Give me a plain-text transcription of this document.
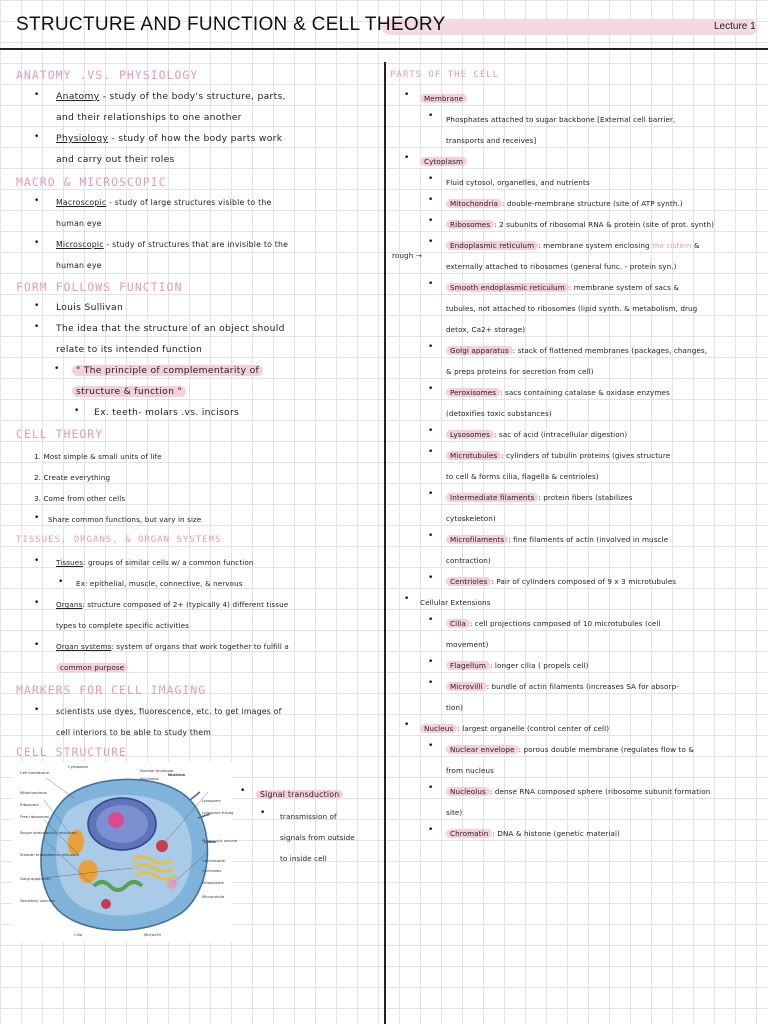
STRUCTURE AND FUNCTION & CELL THEORY	Lecture 1
ANATOMY .VS. PHYSIOLOGY
• Anatomy - study of the body's structure, parts,
and their relationships to one another
• Physiology - study of how the body parts work
and carry out their roles
MACRO & MICROSCOPIC
• Macroscopic - study of large structures visible to the
human eye
• Microscopic - study of structures that are invisible to the
human eye
FORM FOLLOWS FUNCTION
• Louis Sullivan
• The idea that the structure of an object should
relate to its intended function
•	" The principle of complementarity of
structure & function "
• Ex. teeth- molars .vs. incisors
CELL THEORY
1. Most simple & small units of life
2. Create everything
3. Come from other cells
• Share common functions, but vary in size
TISSUES, ORGANS, & ORGAN SYSTEMS
• Tissues: groups of similar cells w/ a common function
• Ex: epithelial, muscle, connective, & nervous
• Organs: structure composed of 2+ (typically 4) different tissue
types to complete specific activities
• Organ systems: system of organs that work together to fulfill a
common purpose
MARKERS FOR CELL IMAGING
• scientists use dyes, fluorescence, etc. to get images of
cell interiors to be able to study them
CELL STRUCTURE
Cell membrane
Mitochondrion
Ribosome
Free ribosomes
Rough endoplasmic reticulum
Smooth endoplasmic reticulum
Golgi apparatus
Secretory vesicles
Cytoplasm
Nuclear envelope
Nucleolus
Nucleus
Lysosome
Lysosome fusing
Phagocytic vesicle
Centrosome
Centrioles
Peroxisome
Microtubule
Cilia	Microvilli
•	Signal transduction
• transmission of
signals from outside
to inside cell
PARTS OF THE CELL
•	Membrane
• Phosphates attached to sugar backbone [External cell barrier,
transports and receives]
•	Cytoplasm
• Fluid cytosol, organelles, and nutrients
•	Mitochondria : double-membrane structure (site of ATP synth.)
•	Ribosomes : 2 subunits of ribosomal RNA & protein (site of prot. synth)
rough →
•	Endoplasmic reticulum : membrane system enclosing the cistern &
externally attached to ribosomes (general func. - protein syn.)
•	Smooth endoplasmic reticulum : membrane system of sacs &
tubules, not attached to ribosomes (lipid synth. & metabolism, drug
detox, Ca2+ storage)
•	Golgi apparatus : stack of flattened membranes (packages, changes,
& preps proteins for secretion from cell)
•	Peroxisomes : sacs containing catalase & oxidase enzymes
(detoxifies toxic substances)
•	Lysosomes : sac of acid (intracellular digestion)
•	Microtubules : cylinders of tubulin proteins (gives structure
to cell & forms cilia, flagella & centrioles)
•	Intermediate filaments : protein fibers (stabilizes
cytoskeleton)
•	Microfilaments : fine filaments of actin (involved in muscle
contraction)
•	Centrioles : Pair of cylinders composed of 9 x 3 microtubules
• Cellular Extensions
•	Cilia : cell projections composed of 10 microtubules (cell
movement)
•	Flagellum : longer cilia ( propels cell)
•	Microvilli : bundle of actin filaments (increases SA for absorp-
tion)
•	Nucleus : largest organelle (control center of cell)
•	Nuclear envelope : porous double membrane (regulates flow to &
from nucleus
•	Nucleolus : dense RNA composed sphere (ribosome subunit formation
site)
•	Chromatin : DNA & histone (genetic material)
